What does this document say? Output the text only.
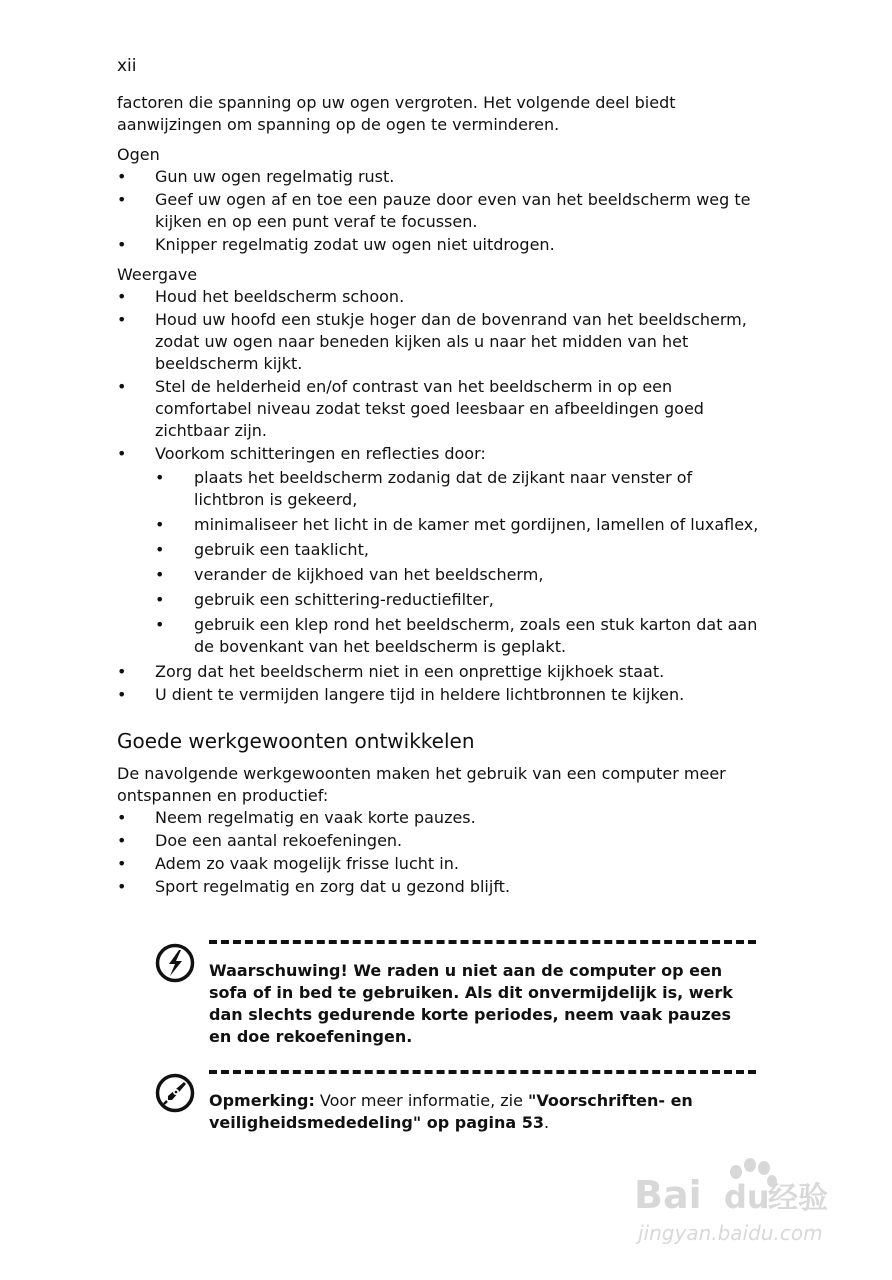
xii

factoren die spanning op uw ogen vergroten. Het volgende deel biedt aanwijzingen om spanning op de ogen te verminderen.

Ogen

• Gun uw ogen regelmatig rust.
• Geef uw ogen af en toe een pauze door even van het beeldscherm weg te kijken en op een punt veraf te focussen.
• Knipper regelmatig zodat uw ogen niet uitdrogen.

Weergave

• Houd het beeldscherm schoon.
• Houd uw hoofd een stukje hoger dan de bovenrand van het beeldscherm, zodat uw ogen naar beneden kijken als u naar het midden van het beeldscherm kijkt.
• Stel de helderheid en/of contrast van het beeldscherm in op een comfortabel niveau zodat tekst goed leesbaar en afbeeldingen goed zichtbaar zijn.
• Voorkom schitteringen en reflecties door:
• plaats het beeldscherm zodanig dat de zijkant naar venster of lichtbron is gekeerd,
• minimaliseer het licht in de kamer met gordijnen, lamellen of luxaflex,
• gebruik een taaklicht,
• verander de kijkhoed van het beeldscherm,
• gebruik een schittering-reductiefilter,
• gebruik een klep rond het beeldscherm, zoals een stuk karton dat aan de bovenkant van het beeldscherm is geplakt.
• Zorg dat het beeldscherm niet in een onprettige kijkhoek staat.
• U dient te vermijden langere tijd in heldere lichtbronnen te kijken.
Goede werkgewoonten ontwikkelen

De navolgende werkgewoonten maken het gebruik van een computer meer ontspannen en productief:

• Neem regelmatig en vaak korte pauzes.
• Doe een aantal rekoefeningen.
• Adem zo vaak mogelijk frisse lucht in.
• Sport regelmatig en zorg dat u gezond blijft.
Waarschuwing! We raden u niet aan de computer op een sofa of in bed te gebruiken. Als dit onvermijdelijk is, werk dan slechts gedurende korte periodes, neem vaak pauzes en doe rekoefeningen.
Opmerking: Voor meer informatie, zie "Voorschriften- en veiligheidsmededeling" op pagina 53.
Bai du
经验
jingyan.baidu.com
